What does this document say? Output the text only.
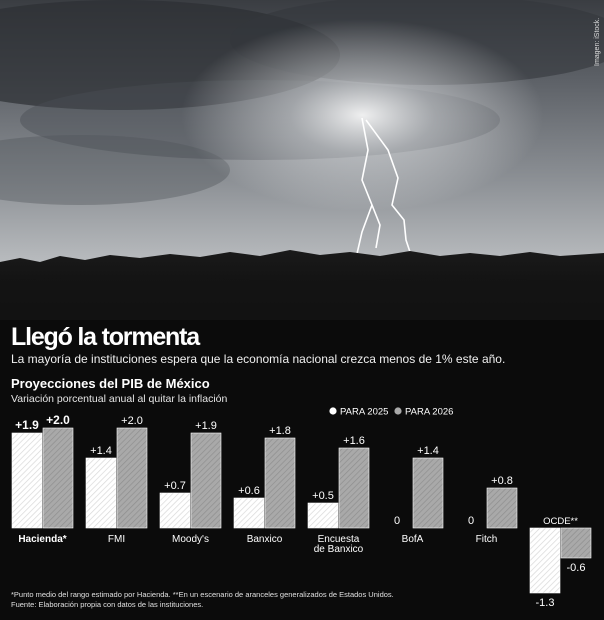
Imagen: iStock.
Llegó la tormenta

La mayoría de instituciones espera que la economía nacional crezca menos de 1% este año.

Proyecciones del PIB de México

Variación porcentual anual al quitar la inflación

PARA 2025 PARA 2026
+1.9 +2.0
Hacienda*
+1.4
+2.0
FMI
+0.7
+1.9
Moody's
+0.6
+1.8
Banxico
+0.5
+1.6
Encuesta
de Banxico
0
+1.4
BofA
0
+0.8
Fitch
-1.3
-0.6
OCDE**

*Punto medio del rango estimado por Hacienda. **En un escenario de aranceles generalizados de Estados Unidos.

Fuente: Elaboración propia con datos de las instituciones.
